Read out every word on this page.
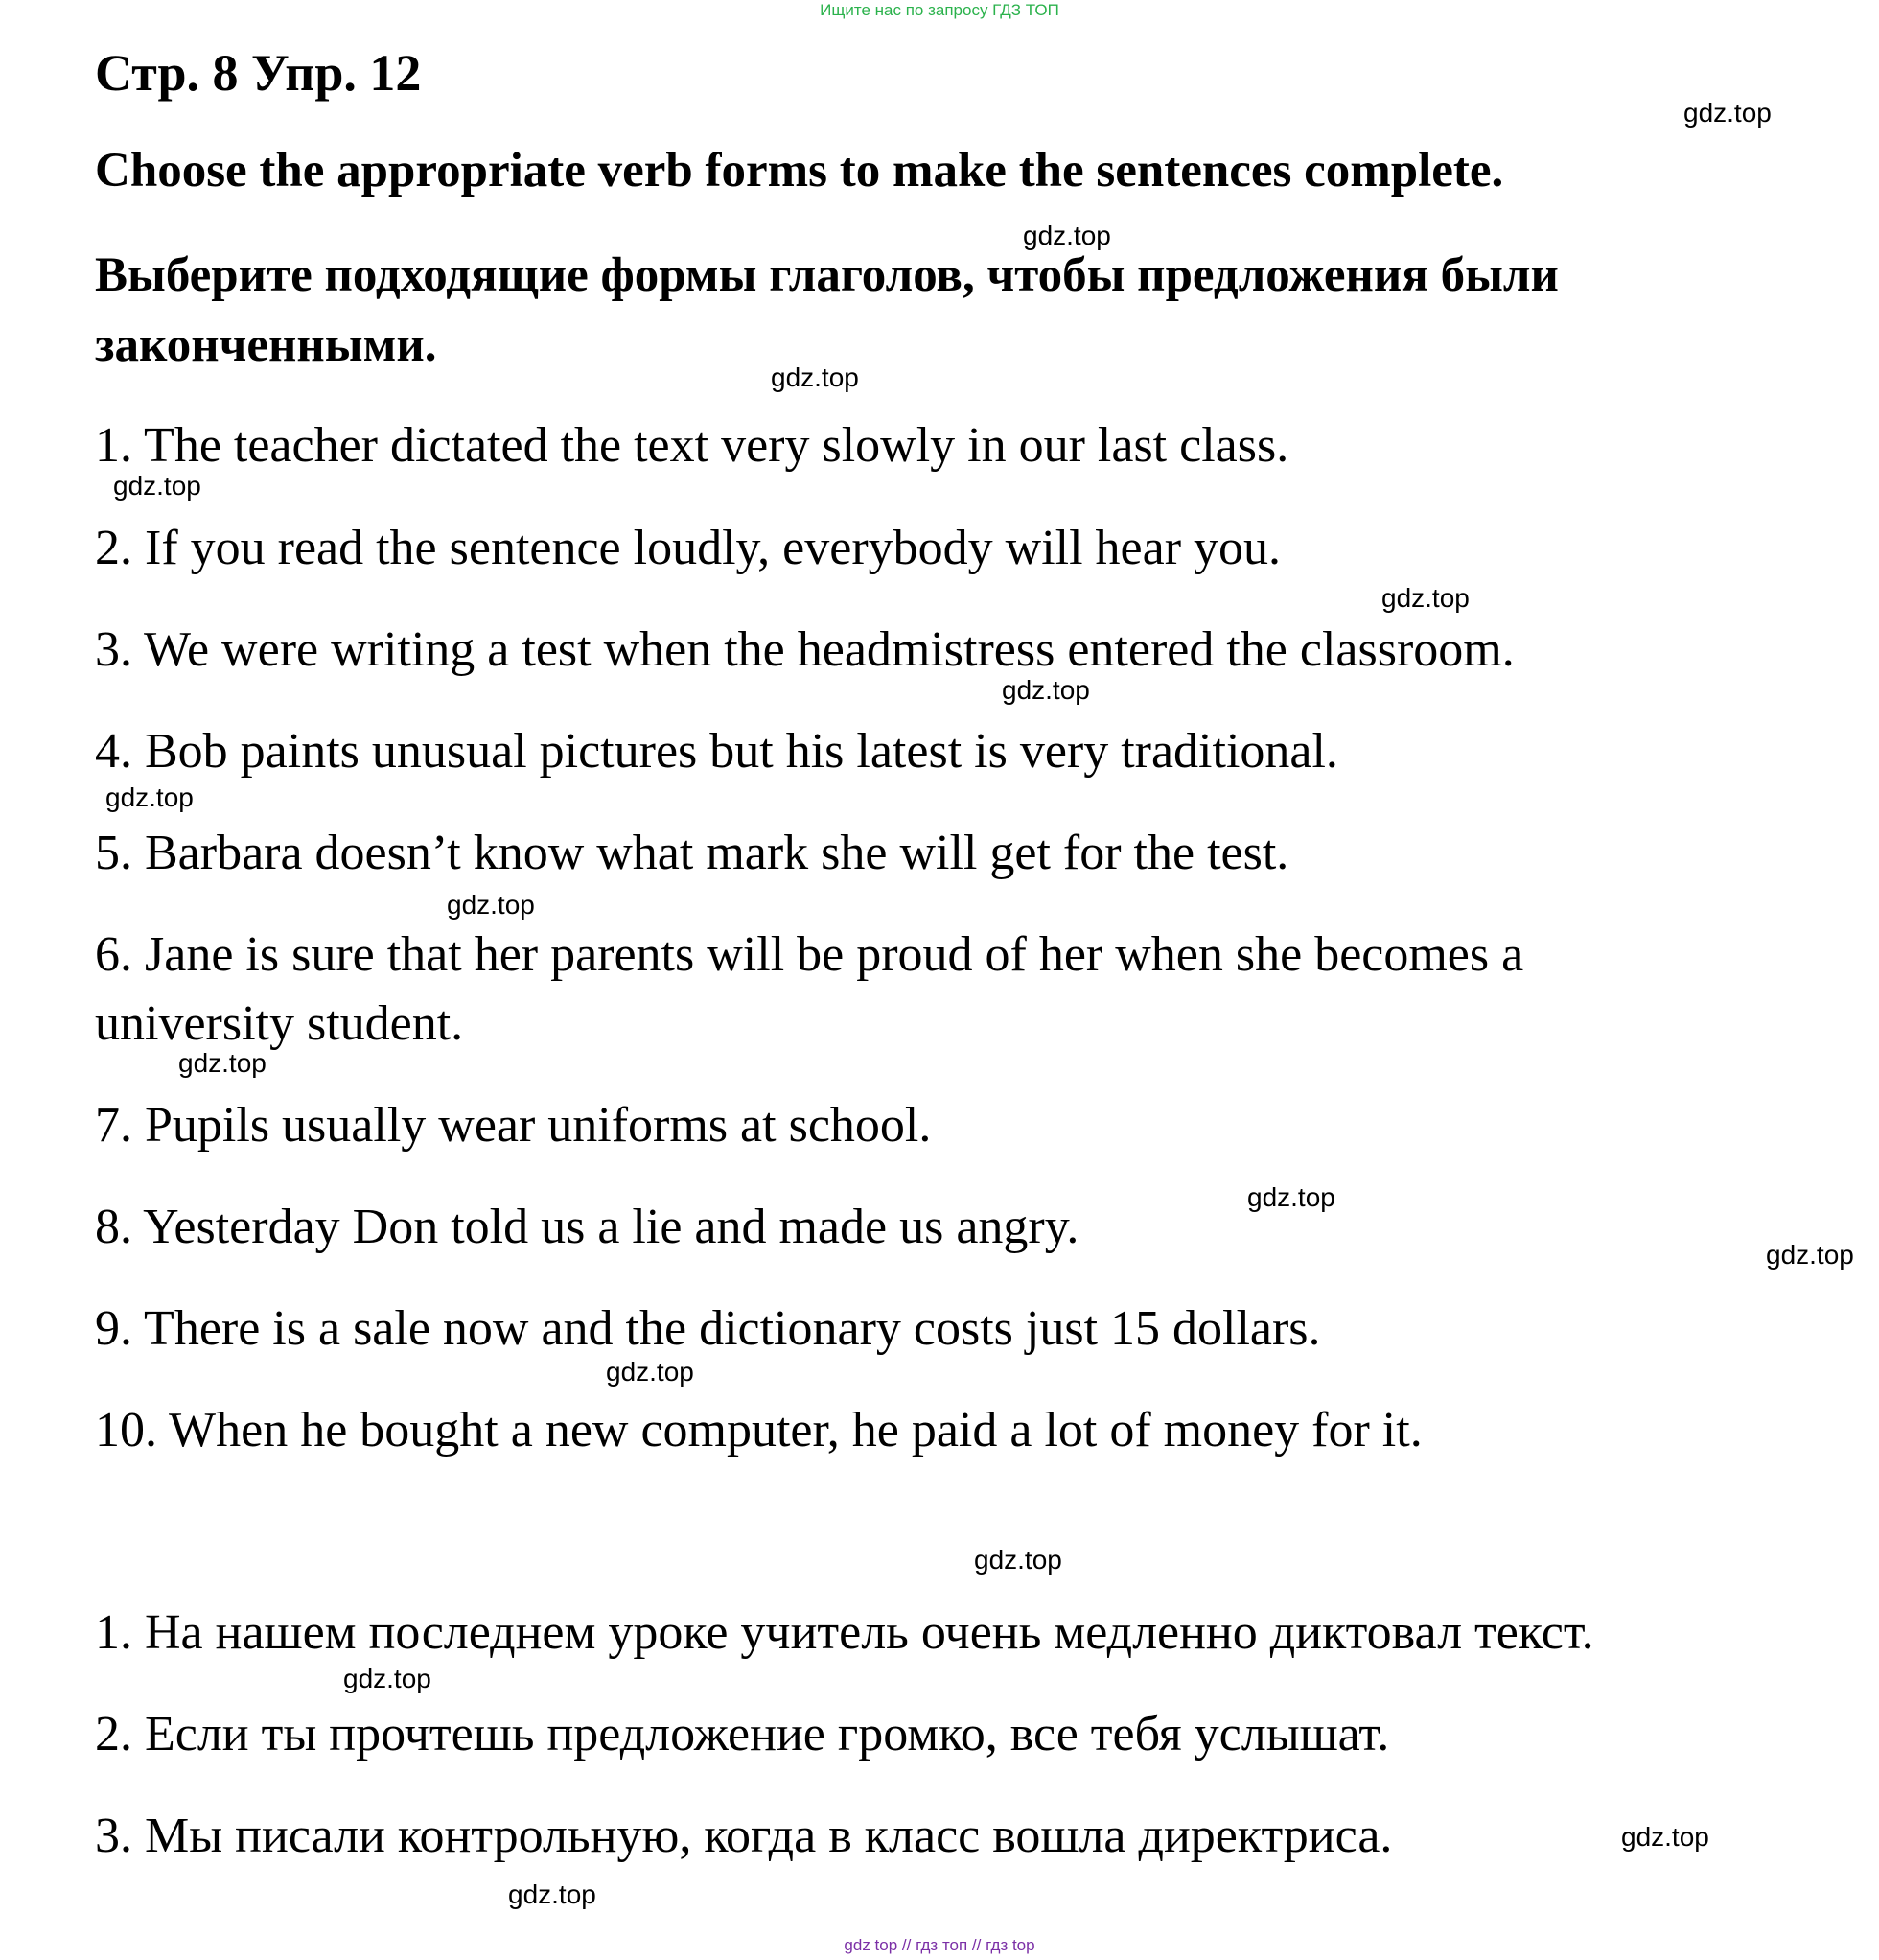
Ищите нас по запросу ГДЗ ТОП
Стр. 8 Упр. 12
Choose the appropriate verb forms to make the sentences complete.
Выберите подходящие формы глаголов, чтобы предложения были
законченными.
1. The teacher dictated the text very slowly in our last class.
2. If you read the sentence loudly, everybody will hear you.
3. We were writing a test when the headmistress entered the classroom.
4. Bob paints unusual pictures but his latest is very traditional.
5. Barbara doesn’t know what mark she will get for the test.
6. Jane is sure that her parents will be proud of her when she becomes a
university student.
7. Pupils usually wear uniforms at school.
8. Yesterday Don told us a lie and made us angry.
9. There is a sale now and the dictionary costs just 15 dollars.
10. When he bought a new computer, he paid a lot of money for it.
1. На нашем последнем уроке учитель очень медленно диктовал текст.
2. Если ты прочтешь предложение громко, все тебя услышат.
3. Мы писали контрольную, когда в класс вошла директриса.
gdz.top
gdz.top
gdz.top
gdz.top
gdz.top
gdz.top
gdz.top
gdz.top
gdz.top
gdz.top
gdz.top
gdz.top
gdz.top
gdz.top
gdz.top
gdz.top
gdz top // гдз топ // гдз top
